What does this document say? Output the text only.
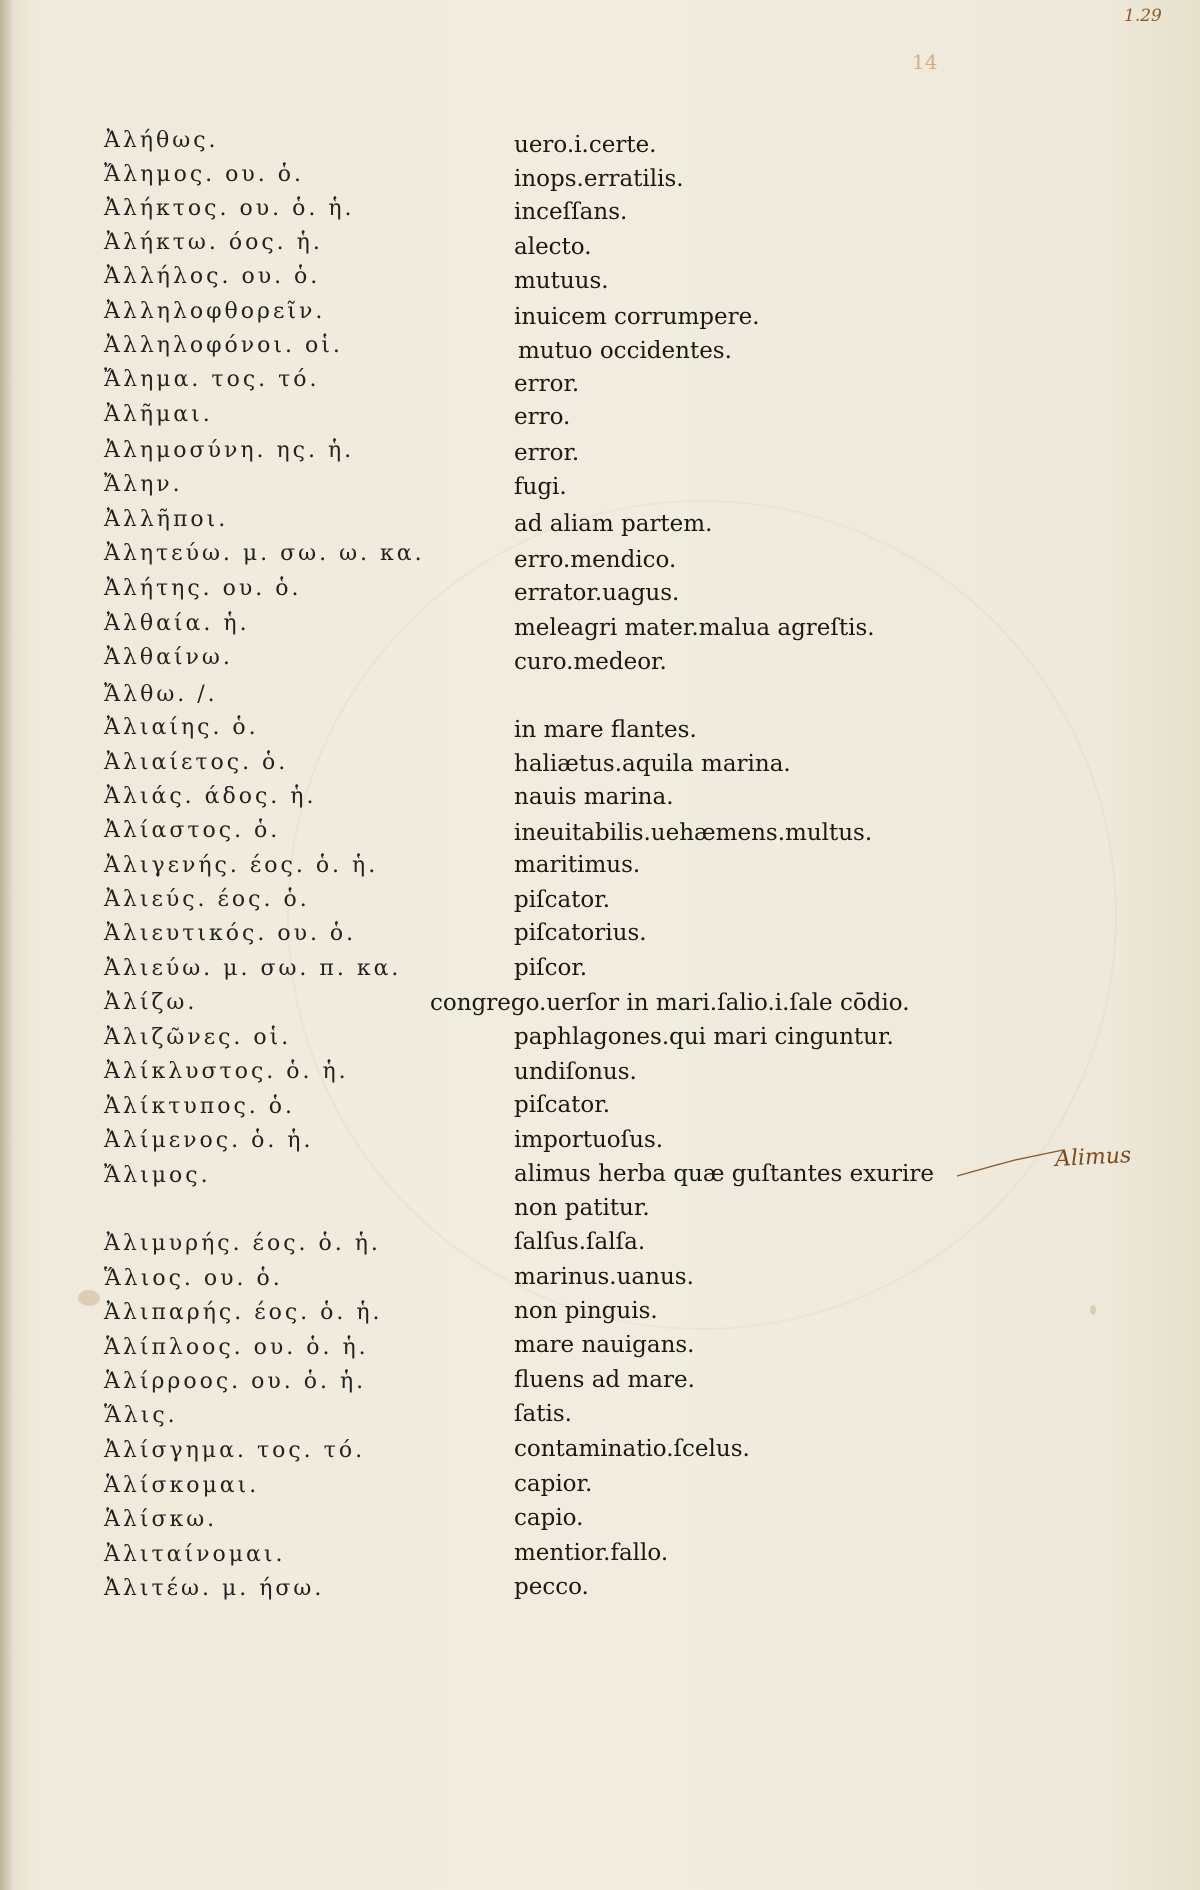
1.29
14
Ἀλήθως.	uero.i.certe.
Ἄλημος. ου. ὁ.	inops.erratilis.
Ἀλήκτος. ου. ὁ. ἡ.	inceſſans.
Ἀλήκτω. όος. ἡ.	alecto.
Ἀλλήλος. ου. ὁ.	mutuus.
Ἀλληλοφθορεῖν.	inuicem corrumpere.
Ἀλληλοφόνοι. οἱ.	mutuo occidentes.
Ἄλημα. τος. τό.	error.
Ἀλῆμαι.	erro.
Ἀλημοσύνη. ης. ἡ.	error.
Ἄλην.	fugi.
Ἀλλῆποι.	ad aliam partem.
Ἀλητεύω. μ. σω. ω. κα.	erro.mendico.
Ἀλήτης. ου. ὁ.	errator.uagus.
Ἀλθαία. ἡ.	meleagri mater.malua agreſtis.
Ἀλθαίνω.	curo.medeor.
Ἄλθω. /.
Ἀλιαίης. ὁ.	in mare flantes.
Ἀλιαίετος. ὁ.	haliætus.aquila marina.
Ἀλιάς. άδος. ἡ.	nauis marina.
Ἀλίαστος. ὁ.	ineuitabilis.uehæmens.multus.
Ἀλιγενής. έος. ὁ. ἡ.	maritimus.
Ἀλιεύς. έος. ὁ.	piſcator.
Ἀλιευτικός. ου. ὁ.	piſcatorius.
Ἀλιεύω. μ. σω. π. κα.	piſcor.
Ἀλίζω.	congrego.uerſor in mari.ſalio.i.ſale cōdio.
Ἀλιζῶνες. οἱ.	paphlagones.qui mari cinguntur.
Ἀλίκλυστος. ὁ. ἡ.	undiſonus.
Ἀλίκτυπος. ὁ.	piſcator.
Ἀλίμενος. ὁ. ἡ.	importuoſus.
Ἄλιμος.	alimus herba quæ guſtantes exurire
non patitur.
Ἀλιμυρής. έος. ὁ. ἡ.	ſalſus.ſalſa.
Ἅλιος. ου. ὁ.	marinus.uanus.
Ἀλιπαρής. έος. ὁ. ἡ.	non pinguis.
Ἁλίπλοος. ου. ὁ. ἡ.	mare nauigans.
Ἁλίρροος. ου. ὁ. ἡ.	fluens ad mare.
Ἅλις.	ſatis.
Ἀλίσγημα. τος. τό.	contaminatio.ſcelus.
Ἁλίσκομαι.	capior.
Ἁλίσκω.	capio.
Ἀλιταίνομαι.	mentior.fallo.
Ἀλιτέω. μ. ήσω.	pecco.
Alimus
